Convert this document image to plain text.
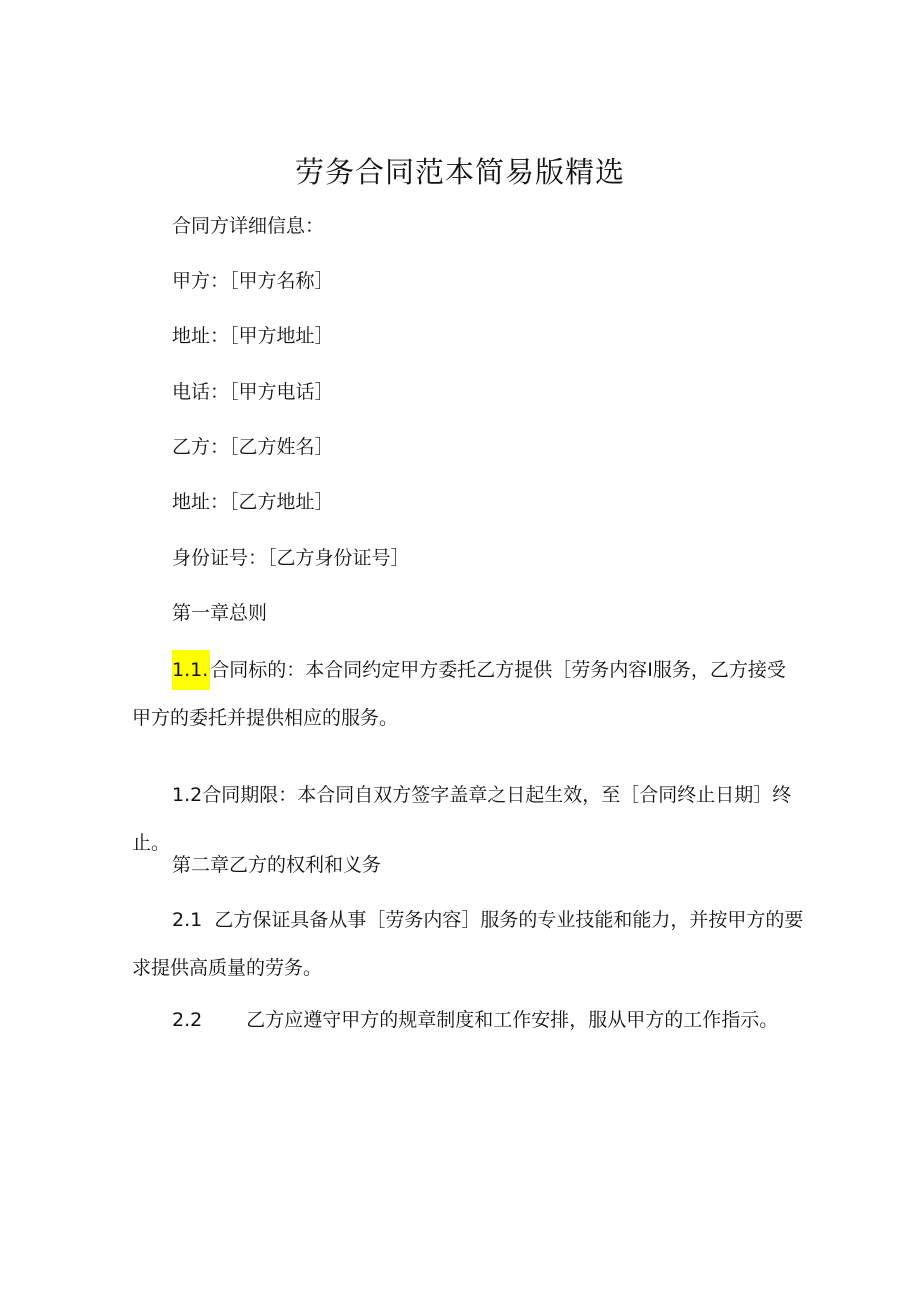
劳务合同范本简易版精选

合同方详细信息：

甲方：［甲方名称］

地址：［甲方地址］

电话：［甲方电话］

乙方：［乙方姓名］

地址：［乙方地址］

身份证号：［乙方身份证号］

第一章总则

1.1. 合同标的：本合同约定甲方委托乙方提供［劳务内容I服务，乙方接受甲方的委托并提供相应的服务。

1.2合同期限：本合同自双方签字盖章之日起生效，至［合同终止日期］终止。

第二章乙方的权利和义务

2.1 乙方保证具备从事［劳务内容］服务的专业技能和能力，并按甲方的要求提供高质量的劳务。

2.2 乙方应遵守甲方的规章制度和工作安排，服从甲方的工作指示。
